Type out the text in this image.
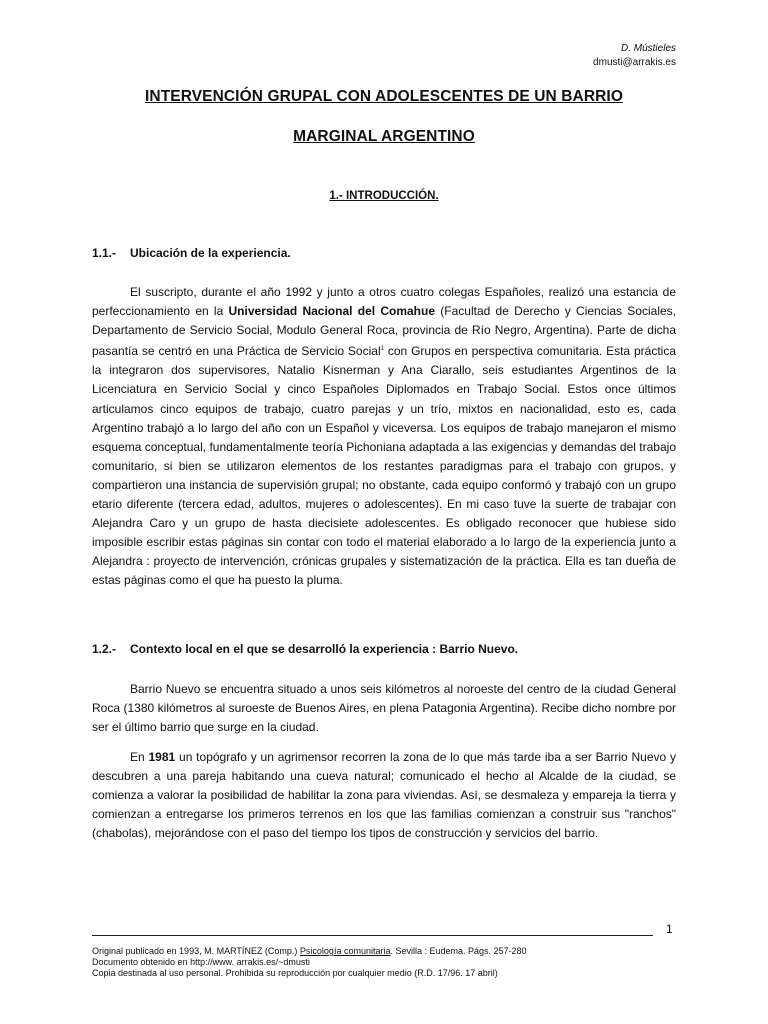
D. Mústieles
dmusti@arrakis.es
INTERVENCIÓN GRUPAL CON ADOLESCENTES DE UN BARRIO
MARGINAL ARGENTINO
1.- INTRODUCCIÓN.
1.1.- Ubicación de la experiencia.

El suscripto, durante el año 1992 y junto a otros cuatro colegas Españoles, realizó una estancia de perfeccionamiento en la Universidad Nacional del Comahue (Facultad de Derecho y Ciencias Sociales, Departamento de Servicio Social, Modulo General Roca, provincia de Río Negro, Argentina). Parte de dicha pasantía se centró en una Práctica de Servicio Social$^1$ con Grupos en perspectiva comunitaria. Esta práctica la integraron dos supervisores, Natalio Kisnerman y Ana Ciarallo, seis estudiantes Argentinos de la Licenciatura en Servicio Social y cinco Españoles Diplomados en Trabajo Social. Estos once últimos articulamos cinco equipos de trabajo, cuatro parejas y un trío, mixtos en nacionalidad, esto es, cada Argentino trabajó a lo largo del año con un Español y viceversa. Los equipos de trabajo manejaron el mismo esquema conceptual, fundamentalmente teoría Pichoniana adaptada a las exigencias y demandas del trabajo comunitario, si bien se utilizaron elementos de los restantes paradigmas para el trabajo con grupos, y compartieron una instancia de supervisión grupal; no obstante, cada equipo conformó y trabajó con un grupo etario diferente (tercera edad, adultos, mujeres o adolescentes). En mi caso tuve la suerte de trabajar con Alejandra Caro y un grupo de hasta diecisiete adolescentes. Es obligado reconocer que hubiese sido imposible escribir estas páginas sin contar con todo el material elaborado a lo largo de la experiencia junto a Alejandra : proyecto de intervención, crónicas grupales y sistematización de la práctica. Ella es tan dueña de estas páginas como el que ha puesto la pluma.

1.2.- Contexto local en el que se desarrolló la experiencia : Barrio Nuevo.

Barrio Nuevo se encuentra situado a unos seis kilómetros al noroeste del centro de la ciudad General Roca (1380 kilómetros al suroeste de Buenos Aires, en plena Patagonia Argentina). Recibe dicho nombre por ser el último barrio que surge en la ciudad.

En 1981 un topógrafo y un agrimensor recorren la zona de lo que más tarde iba a ser Barrio Nuevo y descubren a una pareja habitando una cueva natural; comunicado el hecho al Alcalde de la ciudad, se comienza a valorar la posibilidad de habilitar la zona para viviendas. Así, se desmaleza y empareja la tierra y comienzan a entregarse los primeros terrenos en los que las familias comienzan a construir sus "ranchos" (chabolas), mejorándose con el paso del tiempo los tipos de construcción y servicios del barrio.

1
Original publicado en 1993, M. MARTÍNEZ (Comp.) Psicología comunitaria. Sevilla : Eudema. Págs. 257-280
Documento obtenido en http://www. arrakis.es/~dmusti
Copia destinada al uso personal. Prohibida su reproducción por cualquier medio (R.D. 17/96. 17 abril)
